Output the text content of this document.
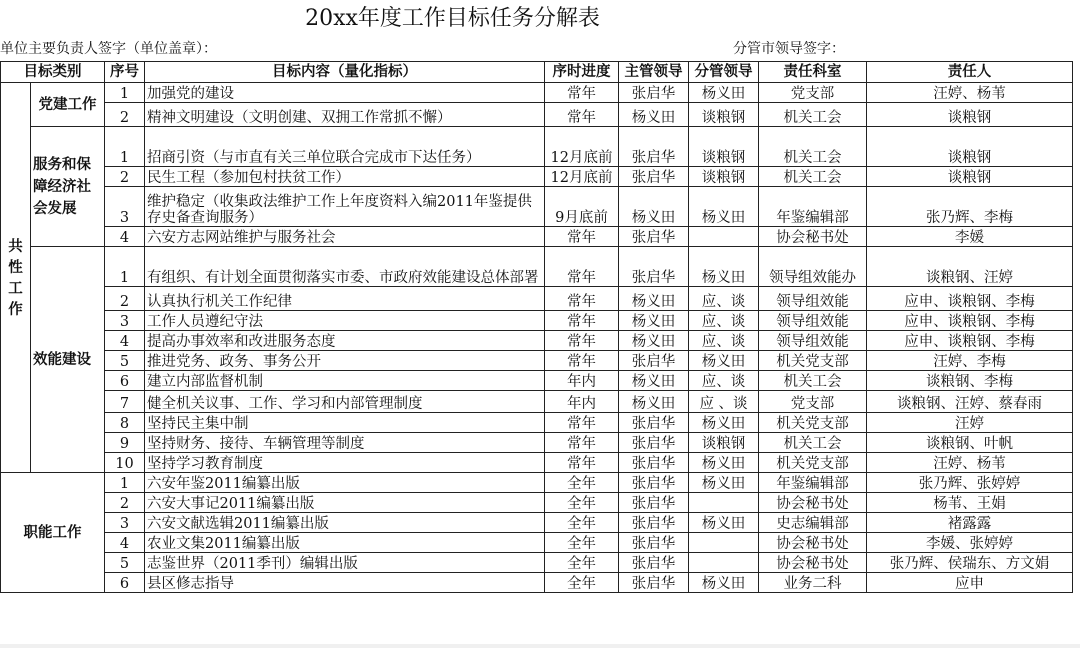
20xx年度工作目标任务分解表
单位主要负责人签字（单位盖章）：	分管市领导签字：
目标类别		序号	目标内容（量化指标）	序时进度	主管领导	分管领导	责任科室	责任人
共性工作	党建工作	1	加强党的建设	常年	张启华	杨义田	党支部	汪婷、杨苇
		2	精神文明建设（文明创建、双拥工作常抓不懈）	常年	杨义田	谈粮钢	机关工会	谈粮钢
	服务和保障经济社会发展	1	招商引资（与市直有关三单位联合完成市下达任务）	12月底前	张启华	谈粮钢	机关工会	谈粮钢
		2	民生工程（参加包村扶贫工作）	12月底前	张启华	谈粮钢	机关工会	谈粮钢
		3	维护稳定（收集政法维护工作上年度资料入编2011年鉴提供存史备查询服务）	9月底前	杨义田	杨义田	年鉴编辑部	张乃辉、李梅
		4	六安方志网站维护与服务社会	常年	张启华		协会秘书处	李媛
	效能建设	1	有组织、有计划全面贯彻落实市委、市政府效能建设总体部署	常年	张启华	杨义田	领导组效能办	谈粮钢、汪婷
		2	认真执行机关工作纪律	常年	杨义田	应、谈	领导组效能	应申、谈粮钢、李梅
		3	工作人员遵纪守法	常年	杨义田	应、谈	领导组效能	应申、谈粮钢、李梅
		4	提高办事效率和改进服务态度	常年	杨义田	应、谈	领导组效能	应申、谈粮钢、李梅
		5	推进党务、政务、事务公开	常年	张启华	杨义田	机关党支部	汪婷、李梅
		6	建立内部监督机制	年内	杨义田	应、谈	机关工会	谈粮钢、李梅
		7	健全机关议事、工作、学习和内部管理制度	年内	杨义田	应 、谈	党支部	谈粮钢、汪婷、蔡春雨
		8	坚持民主集中制	常年	张启华	杨义田	机关党支部	汪婷
		9	坚持财务、接待、车辆管理等制度	常年	张启华	谈粮钢	机关工会	谈粮钢、叶帆
		10	坚持学习教育制度	常年	张启华	杨义田	机关党支部	汪婷、杨苇
职能工作		1	六安年鉴2011编纂出版	全年	张启华	杨义田	年鉴编辑部	张乃辉、张婷婷
		2	六安大事记2011编纂出版	全年	张启华		协会秘书处	杨苇、王娟
		3	六安文献选辑2011编纂出版	全年	张启华	杨义田	史志编辑部	褚露露
		4	农业文集2011编纂出版	全年	张启华		协会秘书处	李媛、张婷婷
		5	志鉴世界（2011季刊）编辑出版	全年	张启华		协会秘书处	张乃辉、侯瑞东、方文娟
		6	县区修志指导	全年	张启华	杨义田	业务二科	应申
